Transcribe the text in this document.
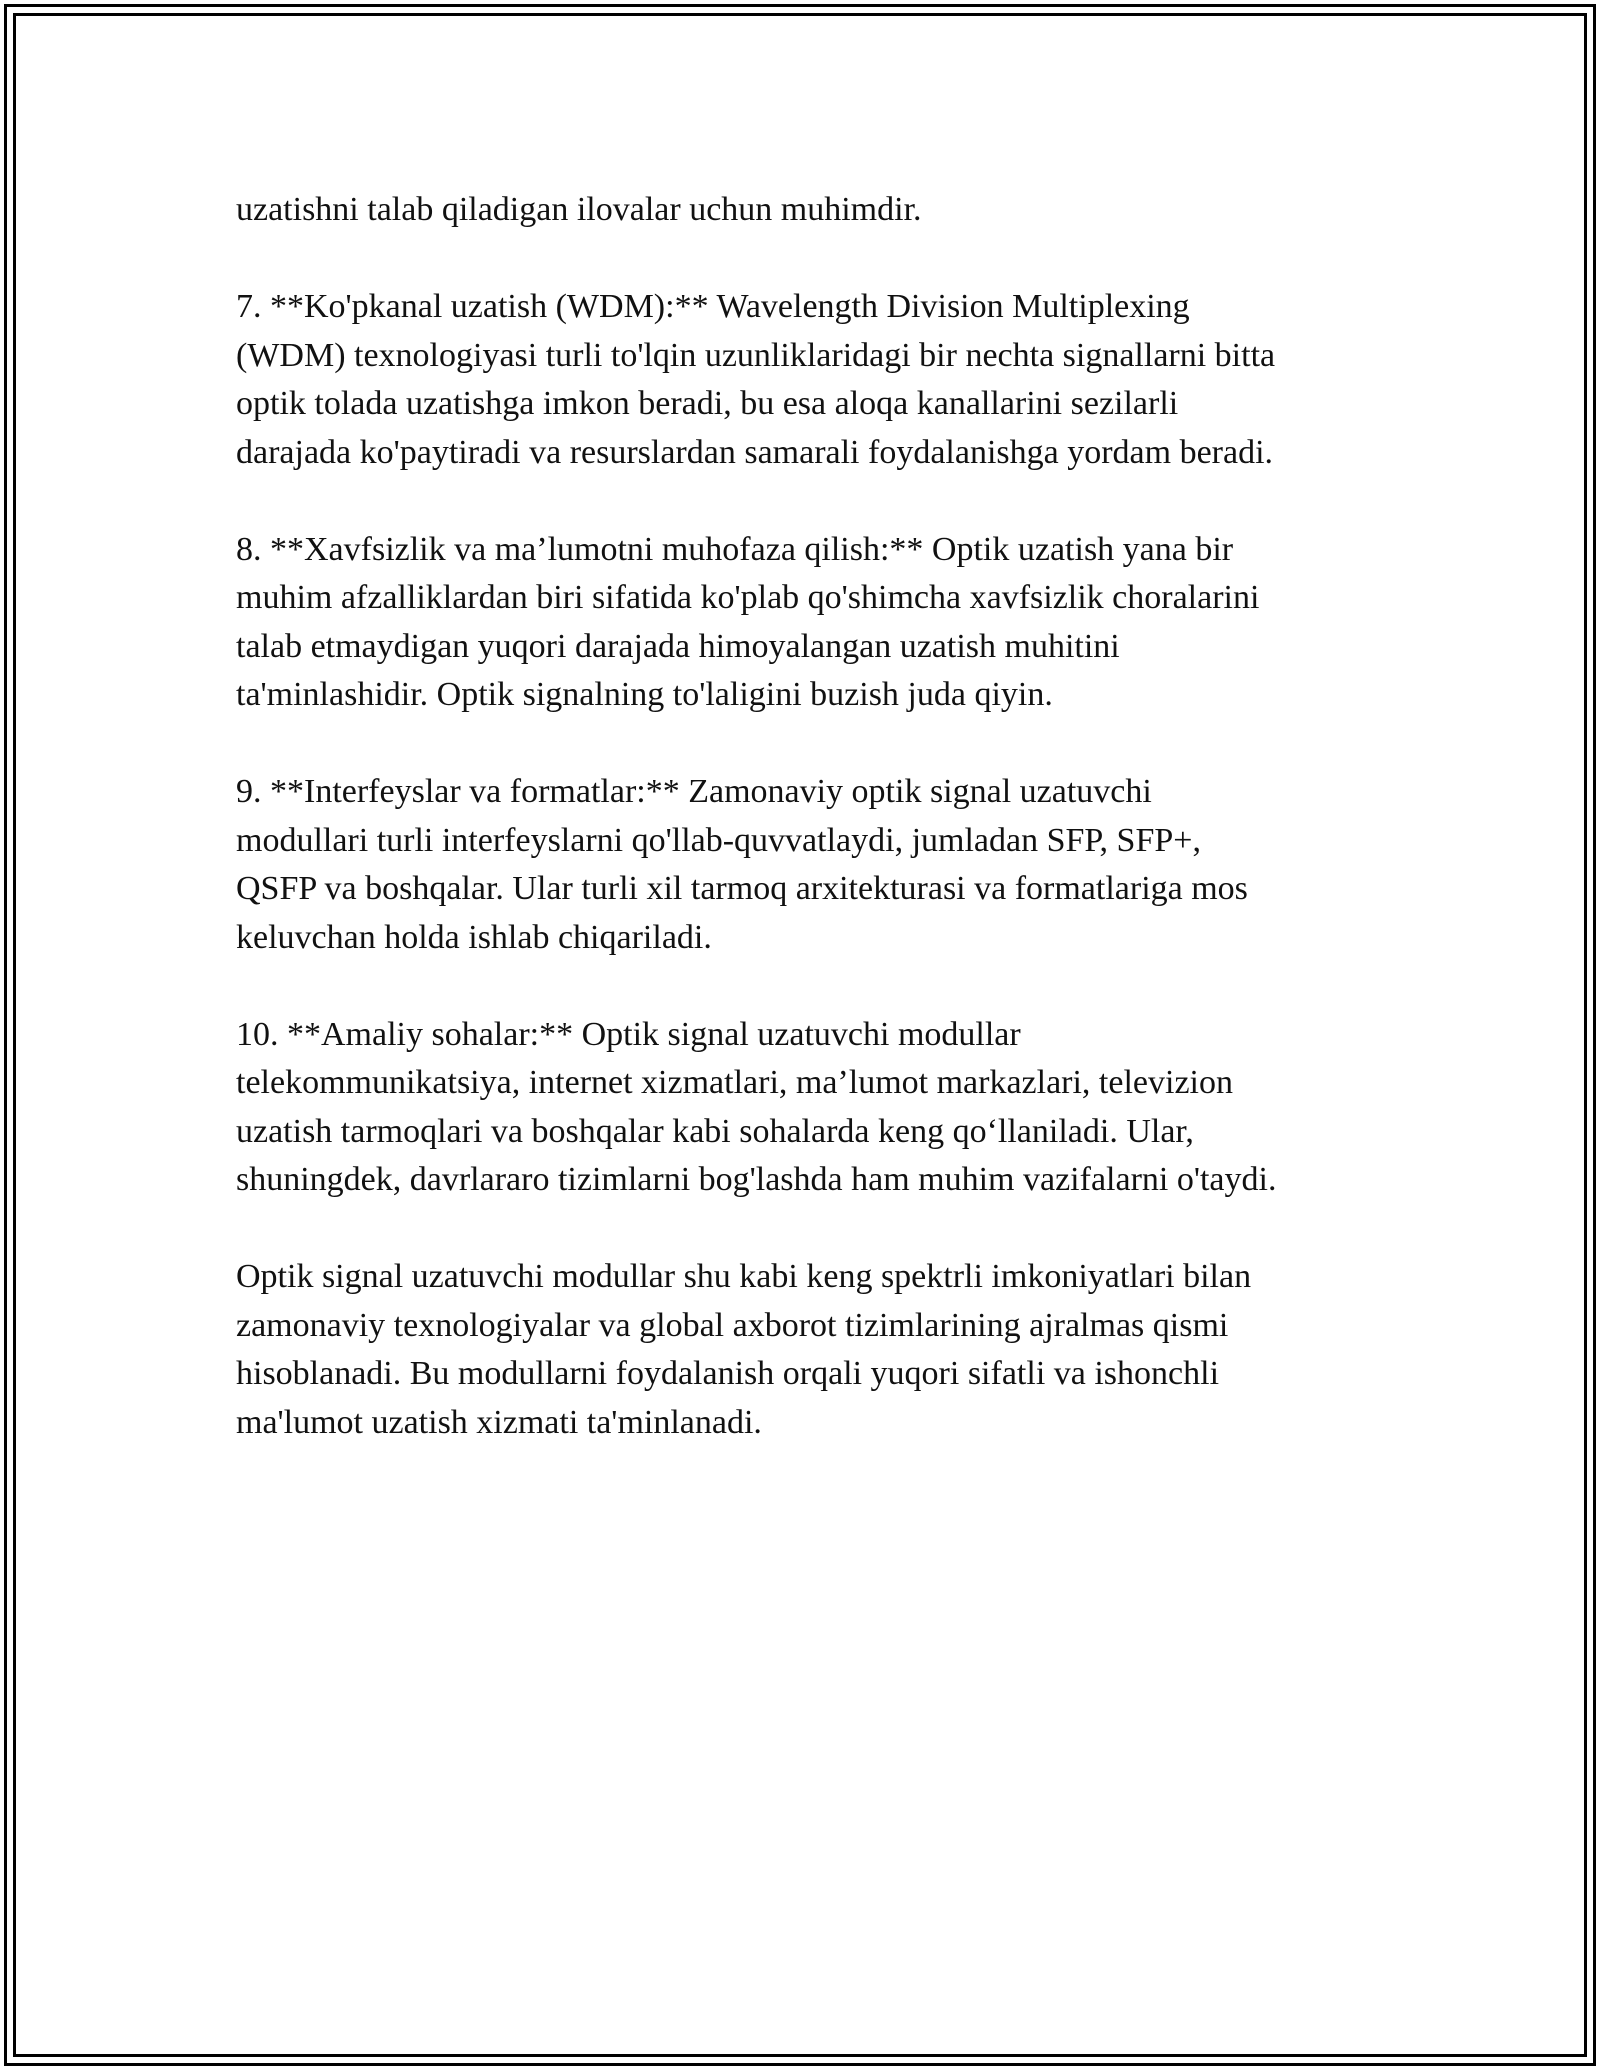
uzatishni talab qiladigan ilovalar uchun muhimdir.

7. **Ko'pkanal uzatish (WDM):** Wavelength Division Multiplexing
(WDM) texnologiyasi turli to'lqin uzunliklaridagi bir nechta signallarni bitta
optik tolada uzatishga imkon beradi, bu esa aloqa kanallarini sezilarli
darajada ko'paytiradi va resurslardan samarali foydalanishga yordam beradi.

8. **Xavfsizlik va ma’lumotni muhofaza qilish:** Optik uzatish yana bir
muhim afzalliklardan biri sifatida ko'plab qo'shimcha xavfsizlik choralarini
talab etmaydigan yuqori darajada himoyalangan uzatish muhitini
ta'minlashidir. Optik signalning to'laligini buzish juda qiyin.

9. **Interfeyslar va formatlar:** Zamonaviy optik signal uzatuvchi
modullari turli interfeyslarni qo'llab-quvvatlaydi, jumladan SFP, SFP+,
QSFP va boshqalar. Ular turli xil tarmoq arxitekturasi va formatlariga mos
keluvchan holda ishlab chiqariladi.

10. **Amaliy sohalar:** Optik signal uzatuvchi modullar
telekommunikatsiya, internet xizmatlari, ma’lumot markazlari, televizion
uzatish tarmoqlari va boshqalar kabi sohalarda keng qo‘llaniladi. Ular,
shuningdek, davrlararo tizimlarni bog'lashda ham muhim vazifalarni o'taydi.

Optik signal uzatuvchi modullar shu kabi keng spektrli imkoniyatlari bilan
zamonaviy texnologiyalar va global axborot tizimlarining ajralmas qismi
hisoblanadi. Bu modullarni foydalanish orqali yuqori sifatli va ishonchli
ma'lumot uzatish xizmati ta'minlanadi.
